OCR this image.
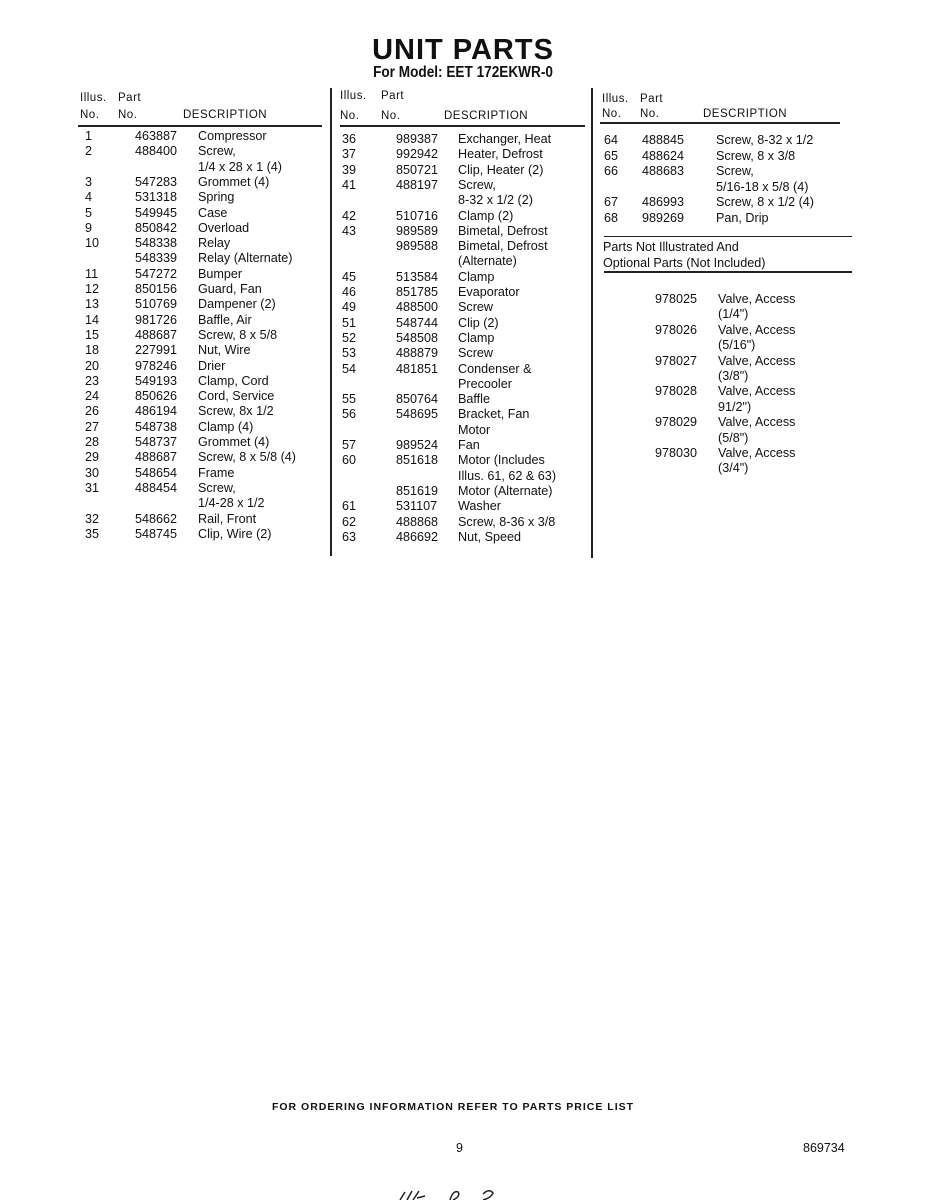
UNIT PARTS
For Model: EET 172EKWR-0
Illus. Part
No. No.	DESCRIPTION
Illus. Part
No. No.	DESCRIPTION
Illus. Part
No. No.	DESCRIPTION
1	463887 Compressor
2	488400 Screw,
1/4 x 28 x 1 (4)
3	547283 Grommet (4)
4	531318 Spring
5	549945 Case
9	850842 Overload
10	548338 Relay
548339 Relay (Alternate)
11	547272 Bumper
12	850156 Guard, Fan
13	510769 Dampener (2)
14	981726 Baffle, Air
15	488687 Screw, 8 x 5/8
18	227991 Nut, Wire
20	978246 Drier
23	549193 Clamp, Cord
24	850626 Cord, Service
26	486194 Screw, 8x 1/2
27	548738 Clamp (4)
28	548737 Grommet (4)
29	488687 Screw, 8 x 5/8 (4)
30	548654 Frame
31	488454 Screw,
1/4-28 x 1/2
32	548662 Rail, Front
35	548745 Clip, Wire (2)
36	989387 Exchanger, Heat
37	992942 Heater, Defrost
39	850721 Clip, Heater (2)
41	488197 Screw,
8-32 x 1/2 (2)
42	510716 Clamp (2)
43	989589 Bimetal, Defrost
989588 Bimetal, Defrost
(Alternate)
45	513584 Clamp
46	851785 Evaporator
49	488500 Screw
51	548744 Clip (2)
52	548508 Clamp
53	488879 Screw
54	481851 Condenser &
Precooler
55	850764 Baffle
56	548695 Bracket, Fan
Motor
57	989524 Fan
60	851618 Motor (Includes
Illus. 61, 62 & 63)
851619 Motor (Alternate)
61	531107 Washer
62	488868 Screw, 8-36 x 3/8
63	486692 Nut, Speed
64 488845	Screw, 8-32 x 1/2
65 488624	Screw, 8 x 3/8
66 488683	Screw,
5/16-18 x 5/8 (4)
67 486993	Screw, 8 x 1/2 (4)
68 989269	Pan, Drip
Parts Not Illustrated And
Optional Parts (Not Included)
978025 Valve, Access
(1/4")
978026 Valve, Access
(5/16")
978027 Valve, Access
(3/8")
978028 Valve, Access
91/2")
978029 Valve, Access
(5/8")
978030 Valve, Access
(3/4")
FOR ORDERING INFORMATION REFER TO PARTS PRICE LIST
9	869734
